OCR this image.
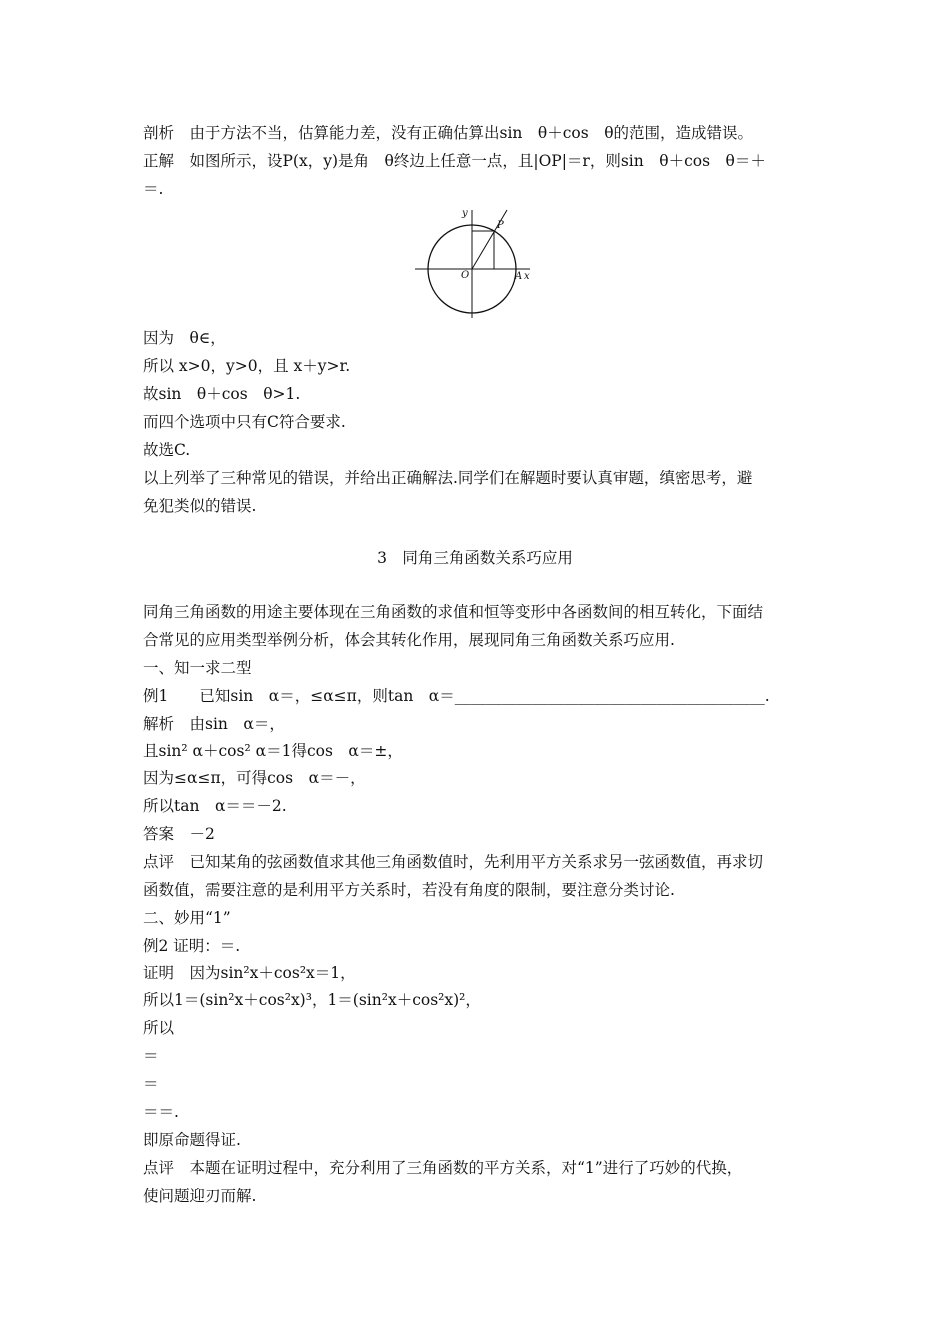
剖析　由于方法不当，估算能力差，没有正确估算出sin　θ＋cos　θ的范围，造成错误。
正解　如图所示，设P(x，y)是角　θ终边上任意一点，且|OP|＝r，则sin　θ＋cos　θ＝＋
＝.
y
x
O
P
A
因为　θ∈，
所以 x>0，y>0，且 x＋y>r.
故sin　θ＋cos　θ>1.
而四个选项中只有C符合要求.
故选C.
以上列举了三种常见的错误，并给出正确解法.同学们在解题时要认真审题，缜密思考，避
免犯类似的错误.
3　同角三角函数关系巧应用
同角三角函数的用途主要体现在三角函数的求值和恒等变形中各函数间的相互转化，下面结
合常见的应用类型举例分析，体会其转化作用，展现同角三角函数关系巧应用.
一、知一求二型
例1　　已知sin　α＝，≤α≤π，则tan　α＝________________________________________.
解析　由sin　α＝，
且sin² α＋cos² α＝1得cos　α＝±，
因为≤α≤π，可得cos　α＝－，
所以tan　α＝＝－2.
答案　－2
点评　已知某角的弦函数值求其他三角函数值时，先利用平方关系求另一弦函数值，再求切
函数值，需要注意的是利用平方关系时，若没有角度的限制，要注意分类讨论.
二、妙用“1”
例2 证明：＝.
证明　因为sin²x＋cos²x＝1，
所以1＝(sin²x＋cos²x)³，1＝(sin²x＋cos²x)²，
所以
＝
＝
＝＝.
即原命题得证.
点评　本题在证明过程中，充分利用了三角函数的平方关系，对“1”进行了巧妙的代换，
使问题迎刃而解.
